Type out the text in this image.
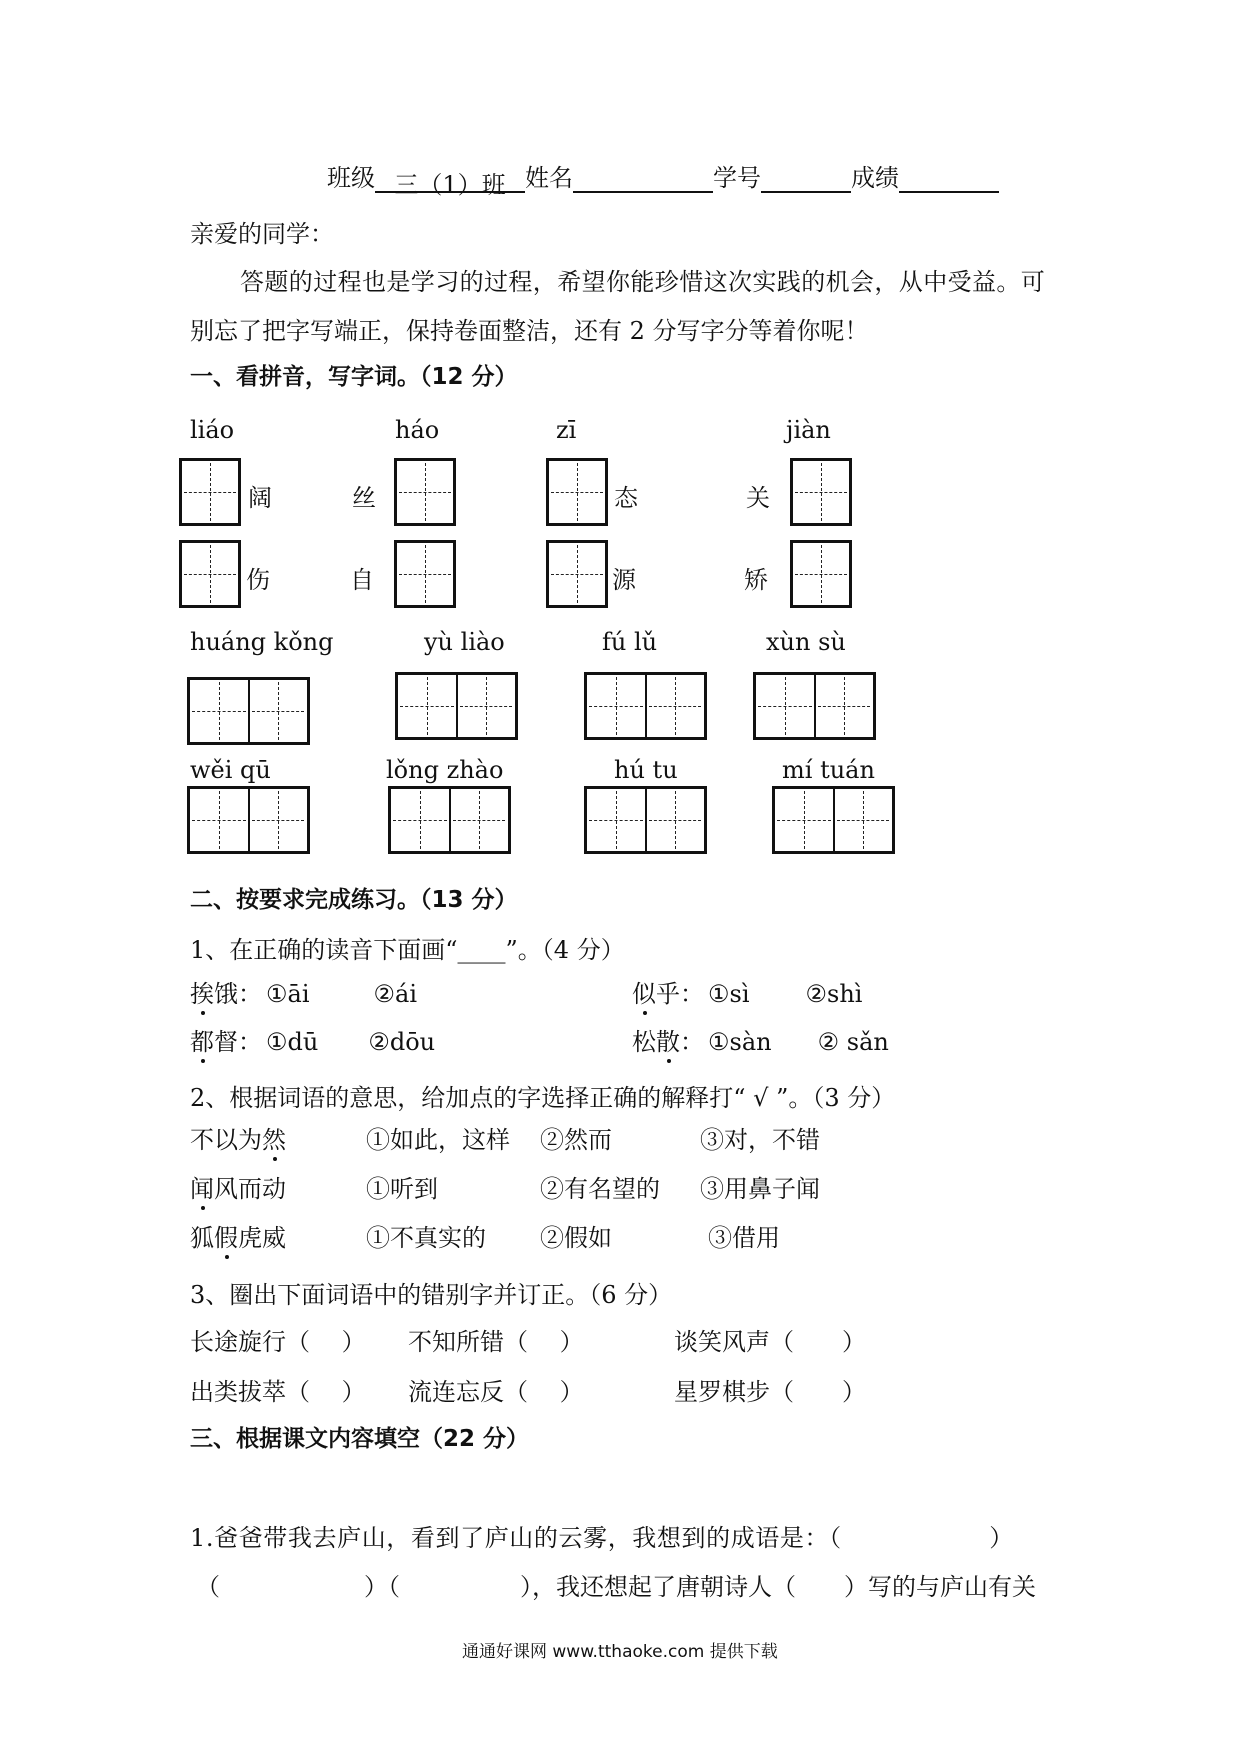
班级 三（1）班 姓名	学号	成绩
亲爱的同学：
答题的过程也是学习的过程，希望你能珍惜这次实践的机会，从中受益。可
别忘了把字写端正，保持卷面整洁，还有 2 分写字分等着你呢！
一、看拼音，写字词。（12 分）
liáo	háo	zī	jiàn
阔	丝	态	关
伤	自	源	矫
huáng kǒng	yù liào	fú lǔ	xùn sù
wěi qū	lǒng zhào	hú tu	mí tuán
二、按要求完成练习。（13 分）
1、在正确的读音下面画“____”。（4 分）
挨饿： ①āi	②ái	似乎： ①sì ②shì
都督： ①dū ②dōu	松散： ①sàn ② sǎn
2、根据词语的意思，给加点的字选择正确的解释打“ √ ”。（3 分）
不以为然	①如此，这样 ②然而	③对，不错
闻风而动	①听到	②有名望的 ③用鼻子闻
狐假虎威	①不真实的 ②假如	③借用
3、圈出下面词语中的错别字并订正。（6 分）
长途旋行（　 ） 不知所错（　 ）	谈笑风声（　　）
出类拔萃（　 ） 流连忘反（　 ）	星罗棋步（　　）
三、根据课文内容填空（22 分）
1.爸爸带我去庐山，看到了庐山的云雾，我想到的成语是：（　　　　　　）
（　　　　　　）（　　　　　），我还想起了唐朝诗人（　　）写的与庐山有关
通通好课网 www.tthaoke.com 提供下载
